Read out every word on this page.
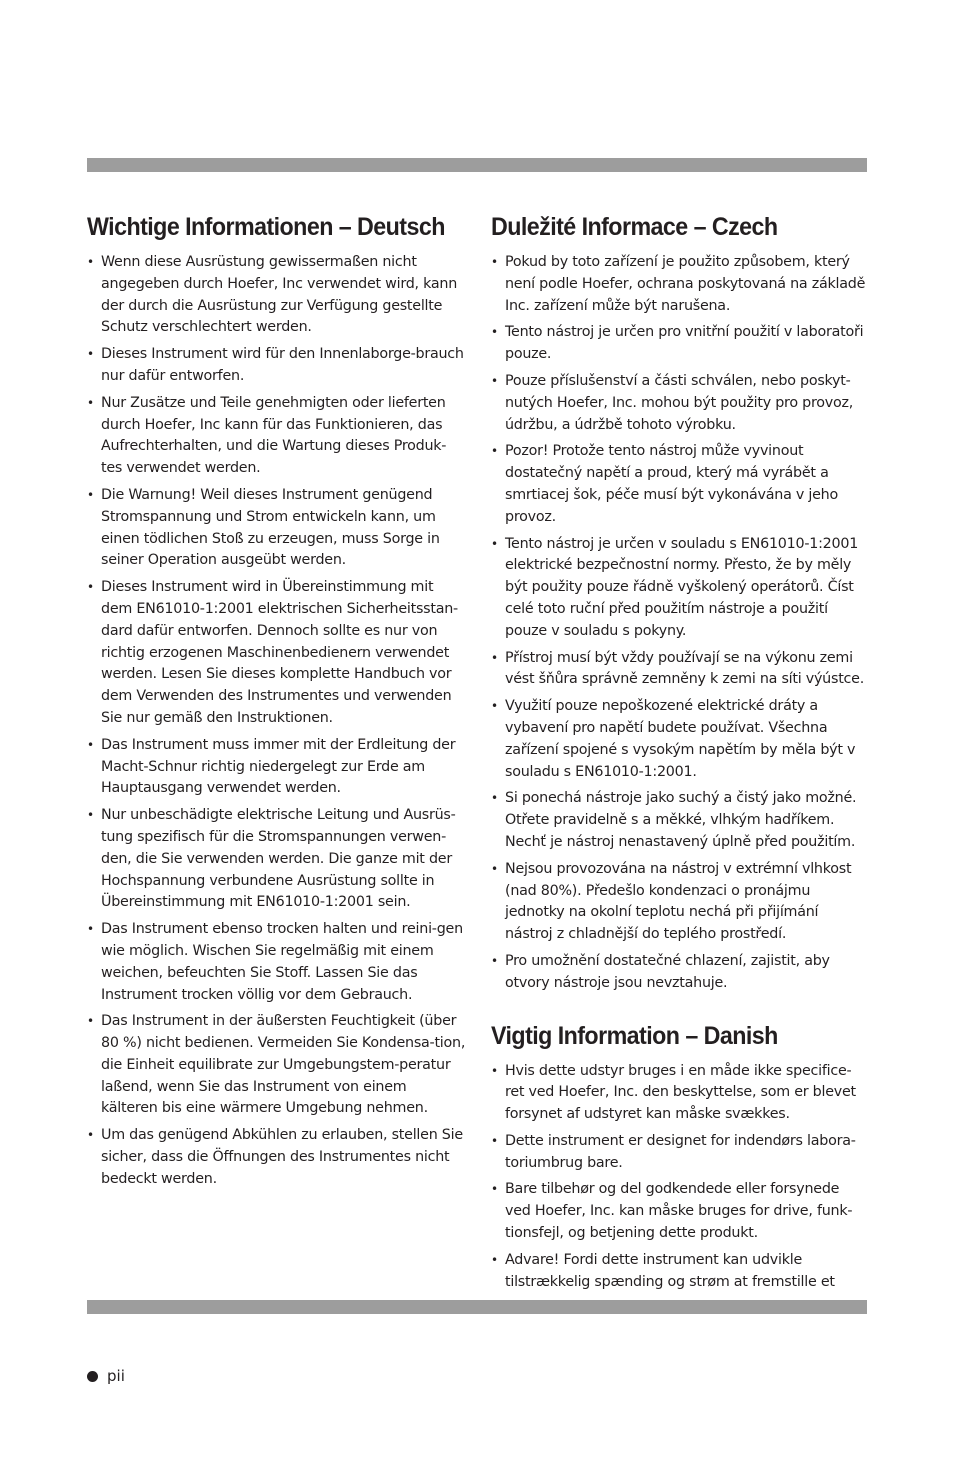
Wichtige Informationen – Deutsch
• Wenn diese Ausrüstung gewissermaßen nicht angegeben durch Hoefer, Inc verwendet wird, kann der durch die Ausrüstung zur Verfügung gestellte Schutz verschlechtert werden.
• Dieses Instrument wird für den Innenlaborge-brauch nur dafür entworfen.
• Nur Zusätze und Teile genehmigten oder lieferten durch Hoefer, Inc kann für das Funktionieren, das Aufrechterhalten, und die Wartung dieses Produk-tes verwendet werden.
• Die Warnung! Weil dieses Instrument genügend Stromspannung und Strom entwickeln kann, um einen tödlichen Stoß zu erzeugen, muss Sorge in seiner Operation ausgeübt werden.
• Dieses Instrument wird in Übereinstimmung mit dem EN61010-1:2001 elektrischen Sicherheitsstan-dard dafür entworfen. Dennoch sollte es nur von richtig erzogenen Maschinenbedienern verwendet werden. Lesen Sie dieses komplette Handbuch vor dem Verwenden des Instrumentes und verwenden Sie nur gemäß den Instruktionen.
• Das Instrument muss immer mit der Erdleitung der Macht-Schnur richtig niedergelegt zur Erde am Hauptausgang verwendet werden.
• Nur unbeschädigte elektrische Leitung und Ausrüs-tung spezifisch für die Stromspannungen verwen-den, die Sie verwenden werden. Die ganze mit der Hochspannung verbundene Ausrüstung sollte in Übereinstimmung mit EN61010-1:2001 sein.
• Das Instrument ebenso trocken halten und reini-gen wie möglich. Wischen Sie regelmäßig mit einem weichen, befeuchten Sie Stoff. Lassen Sie das Instrument trocken völlig vor dem Gebrauch.
• Das Instrument in der äußersten Feuchtigkeit (über 80 %) nicht bedienen. Vermeiden Sie Kondensa-tion, die Einheit equilibrate zur Umgebungstem-peratur laßend, wenn Sie das Instrument von einem kälteren bis eine wärmere Umgebung nehmen.
• Um das genügend Abkühlen zu erlauben, stellen Sie sicher, dass die Öffnungen des Instrumentes nicht bedeckt werden.
Duležité Informace – Czech
• Pokud by toto zařízení je použito způsobem, který není podle Hoefer, ochrana poskytovaná na základě Inc. zařízení může být narušena.
• Tento nástroj je určen pro vnitřní použití v laboratoři pouze.
• Pouze příslušenství a části schválen, nebo poskyt-nutých Hoefer, Inc. mohou být použity pro provoz, údržbu, a údržbě tohoto výrobku.
• Pozor! Protože tento nástroj může vyvinout dostatečný napětí a proud, který má vyrábět a smrtiacej šok, péče musí být vykonávána v jeho provoz.
• Tento nástroj je určen v souladu s EN61010-1:2001 elektrické bezpečnostní normy. Přesto, že by měly být použity pouze řádně vyškolený operátorů. Číst celé toto ruční před použitím nástroje a použití pouze v souladu s pokyny.
• Přístroj musí být vždy používají se na výkonu zemi vést šňůra správně zemněny k zemi na síti výústce.
• Využití pouze nepoškozené elektrické dráty a vybavení pro napětí budete používat. Všechna zařízení spojené s vysokým napětím by měla být v souladu s EN61010-1:2001.
• Si ponechá nástroje jako suchý a čistý jako možné. Otřete pravidelně s a měkké, vlhkým hadříkem. Nechť je nástroj nenastavený úplně před použitím.
• Nejsou provozována na nástroj v extrémní vlhkost (nad 80%). Předešlo kondenzaci o pronájmu jednotky na okolní teplotu nechá při přijímání nástroj z chladnější do teplého prostředí.
• Pro umožnění dostatečné chlazení, zajistit, aby otvory nástroje jsou nevztahuje.
Vigtig Information – Danish
• Hvis dette udstyr bruges i en måde ikke specifice-ret ved Hoefer, Inc. den beskyttelse, som er blevet forsynet af udstyret kan måske svækkes.
• Dette instrument er designet for indendørs labora-toriumbrug bare.
• Bare tilbehør og del godkendede eller forsynede ved Hoefer, Inc. kan måske bruges for drive, funk-tionsfejl, og betjening dette produkt.
• Advare! Fordi dette instrument kan udvikle tilstrækkelig spænding og strøm at fremstille et
pii
